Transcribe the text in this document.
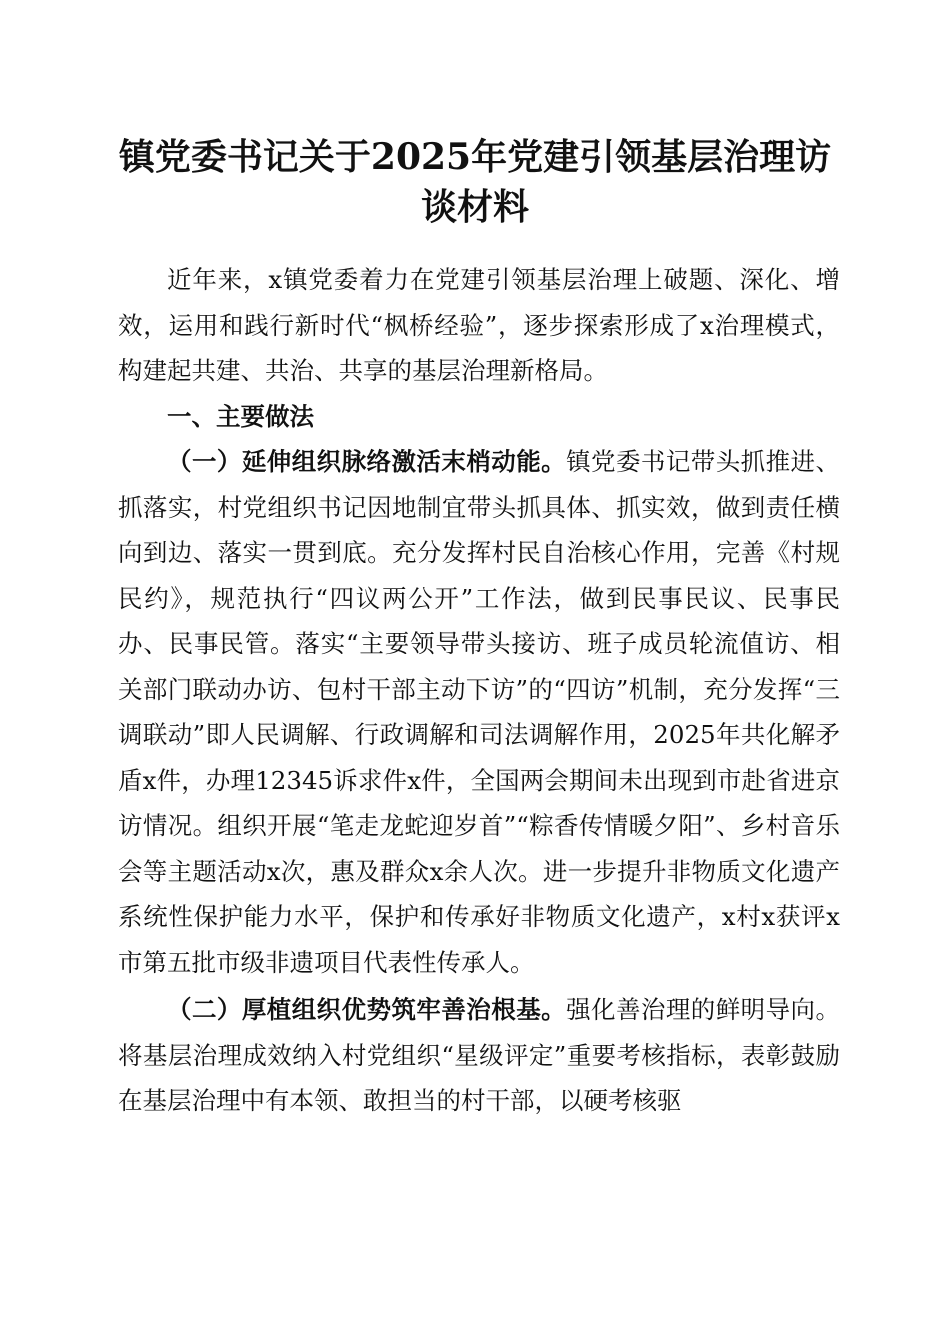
镇党委书记关于2025年党建引领基层治理访
谈材料

近年来，x镇党委着力在党建引领基层治理上破题、深化、增效，运用和践行新时代“枫桥经验”，逐步探索形成了x治理模式，构建起共建、共治、共享的基层治理新格局。

一、主要做法

（一）延伸组织脉络激活末梢动能。镇党委书记带头抓推进、抓落实，村党组织书记因地制宜带头抓具体、抓实效，做到责任横向到边、落实一贯到底。充分发挥村民自治核心作用，完善《村规民约》，规范执行“四议两公开”工作法，做到民事民议、民事民办、民事民管。落实“主要领导带头接访、班子成员轮流值访、相关部门联动办访、包村干部主动下访”的“四访”机制，充分发挥“三调联动”即人民调解、行政调解和司法调解作用，2025年共化解矛盾x件，办理12345诉求件x件，全国两会期间未出现到市赴省进京访情况。组织开展“笔走龙蛇迎岁首”“粽香传情暖夕阳”、乡村音乐会等主题活动x次，惠及群众x余人次。进一步提升非物质文化遗产系统性保护能力水平，保护和传承好非物质文化遗产，x村x获评x市第五批市级非遗项目代表性传承人。

（二）厚植组织优势筑牢善治根基。强化善治理的鲜明导向。将基层治理成效纳入村党组织“星级评定”重要考核指标，表彰鼓励在基层治理中有本领、敢担当的村干部，以硬考核驱
